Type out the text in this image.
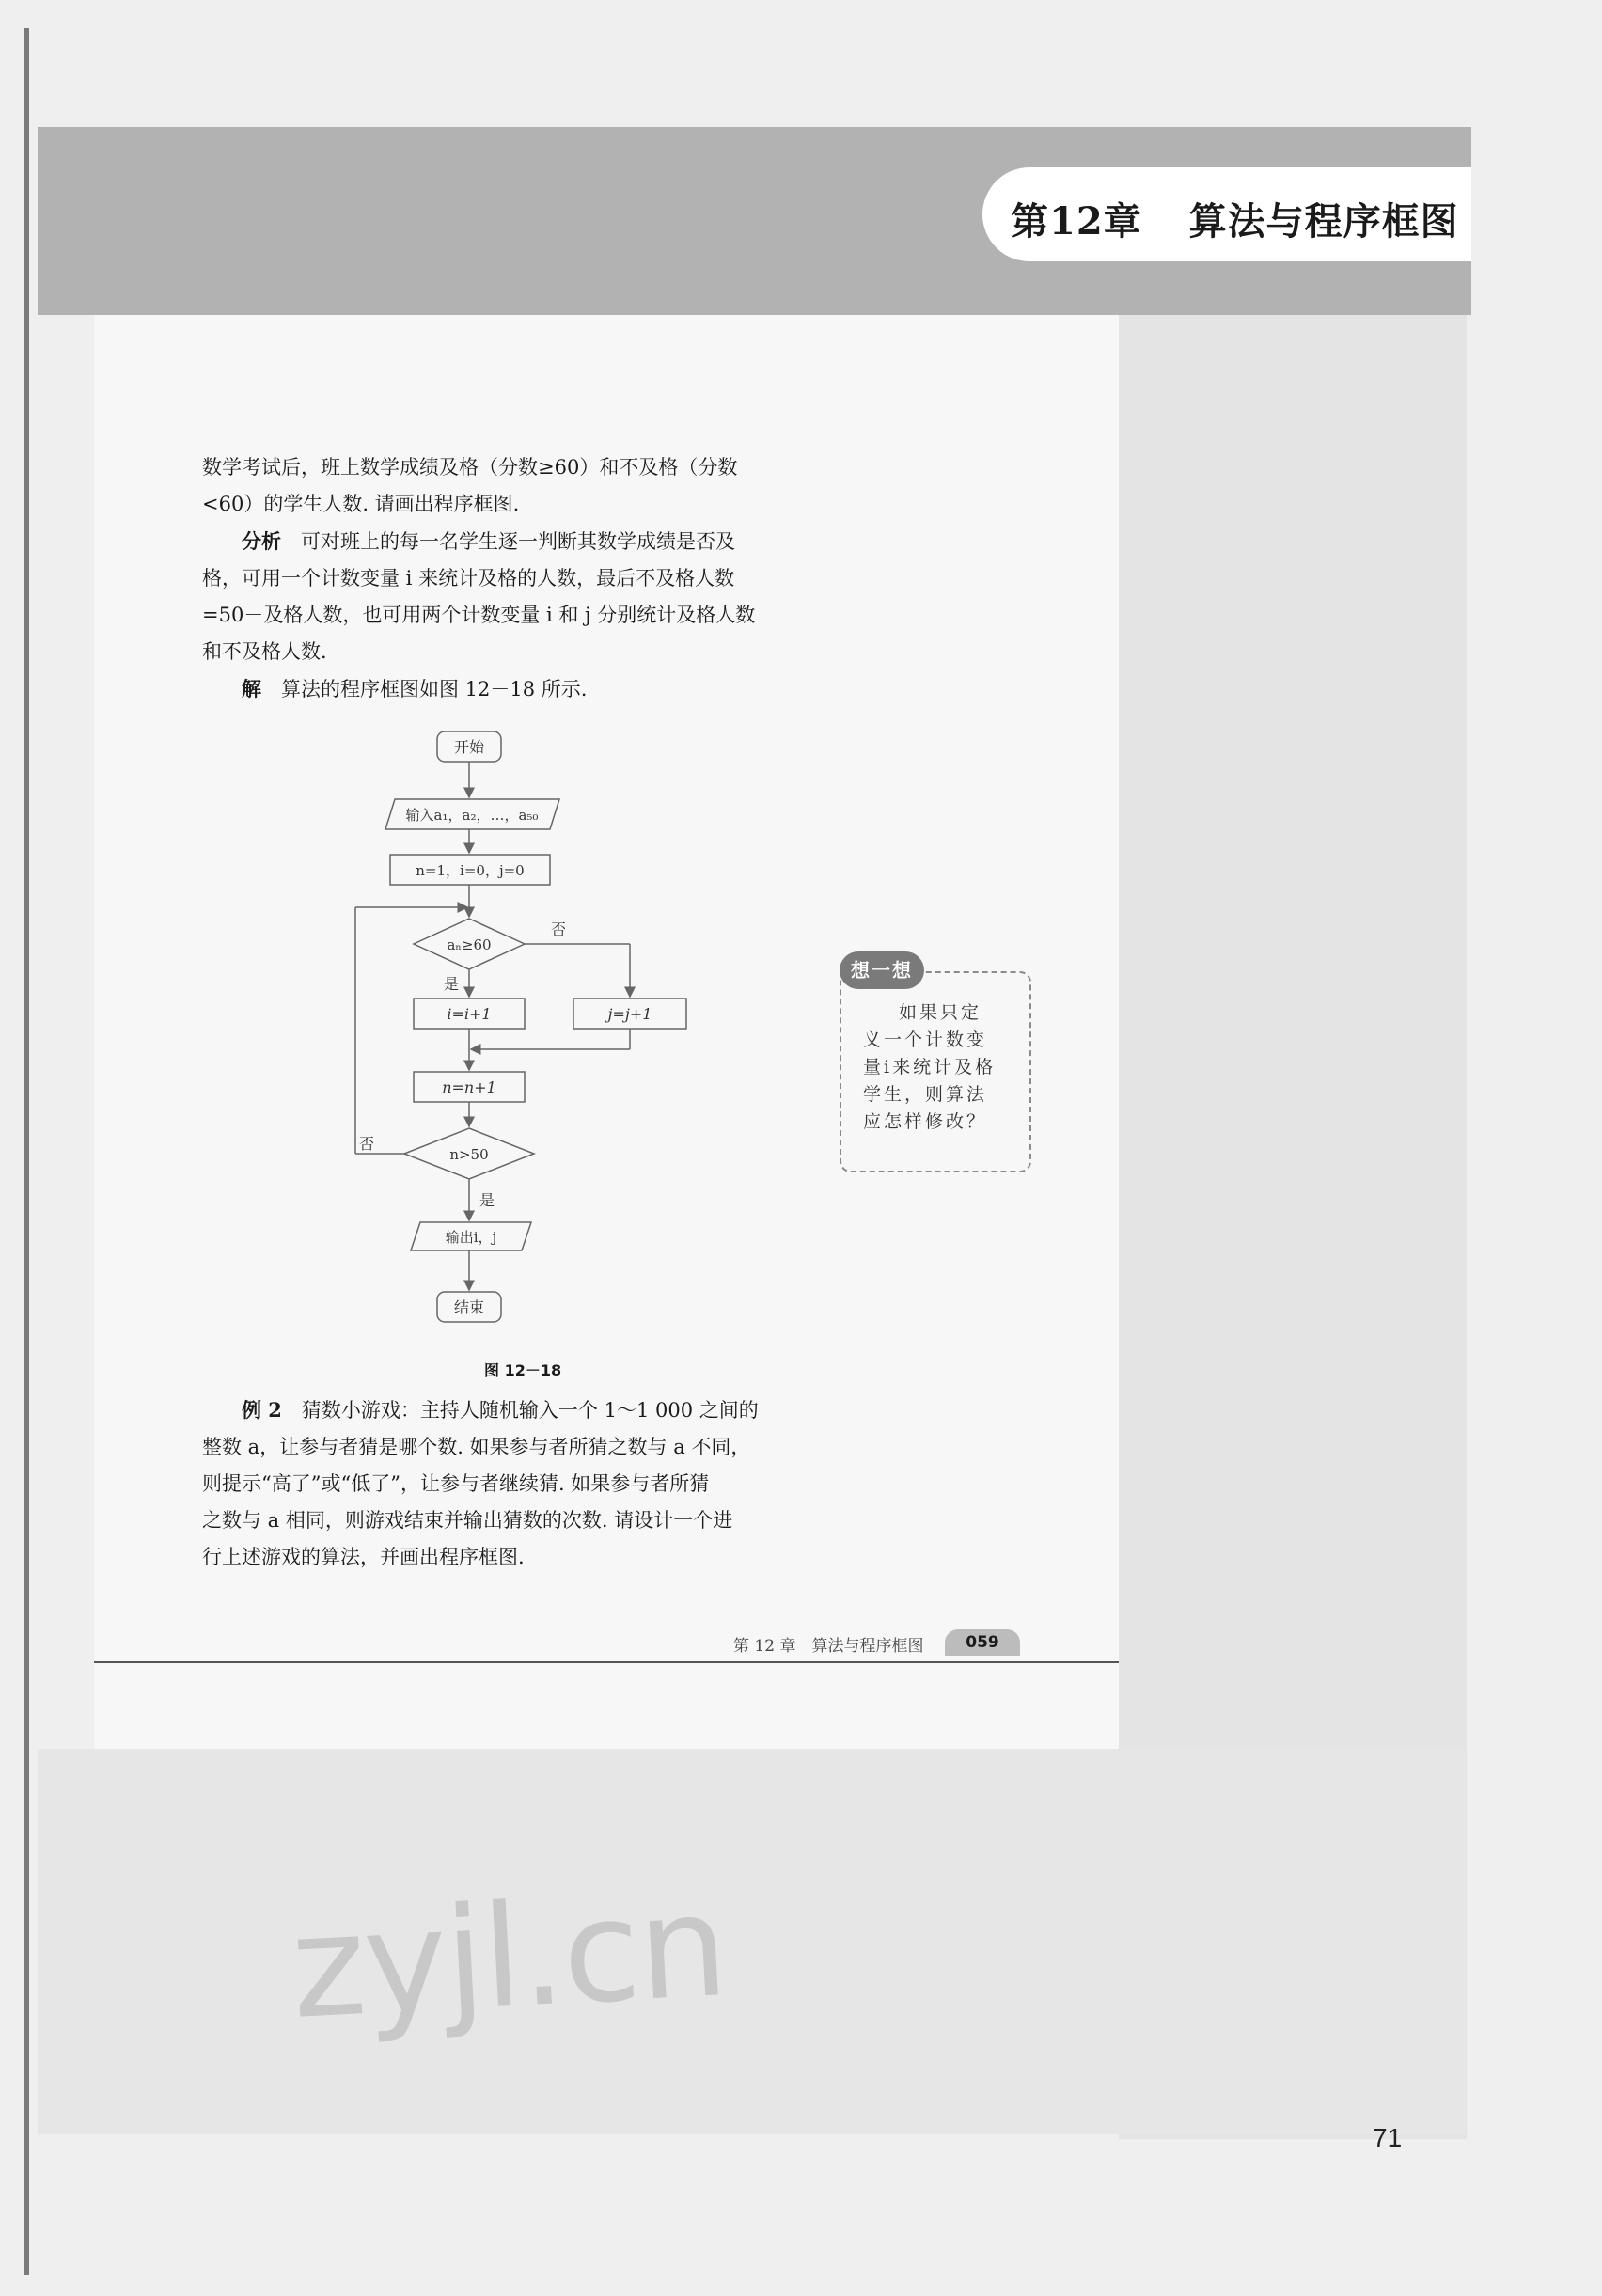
第12章 算法与程序框图

数学考试后，班上数学成绩及格（分数≥60）和不及格（分数

<60）的学生人数. 请画出程序框图.

分析　 可对班上的每一名学生逐一判断其数学成绩是否及

格，可用一个计数变量 i 来统计及格的人数，最后不及格人数

=50－及格人数，也可用两个计数变量 i 和 j 分别统计及格人数

和不及格人数.

解　 算法的程序框图如图 12－18 所示.

开始
输入a₁，a₂，…，a₅₀
n=1，i=0，j=0
aₙ≥60
否
是
i=i+1	j=j+1
n=n+1
n>50
否
是
输出i，j
结束
图 12－18
想一想
如果只定
义一个计数变
量i来统计及格
学生，则算法
应怎样修改？

例 2　 猜数小游戏：主持人随机输入一个 1～1 000 之间的

整数 a，让参与者猜是哪个数. 如果参与者所猜之数与 a 不同，

则提示“高了”或“低了”，让参与者继续猜. 如果参与者所猜

之数与 a 相同，则游戏结束并输出猜数的次数. 请设计一个进

行上述游戏的算法，并画出程序框图.

第 12 章　算法与程序框图	059
zyjl.cn
71
